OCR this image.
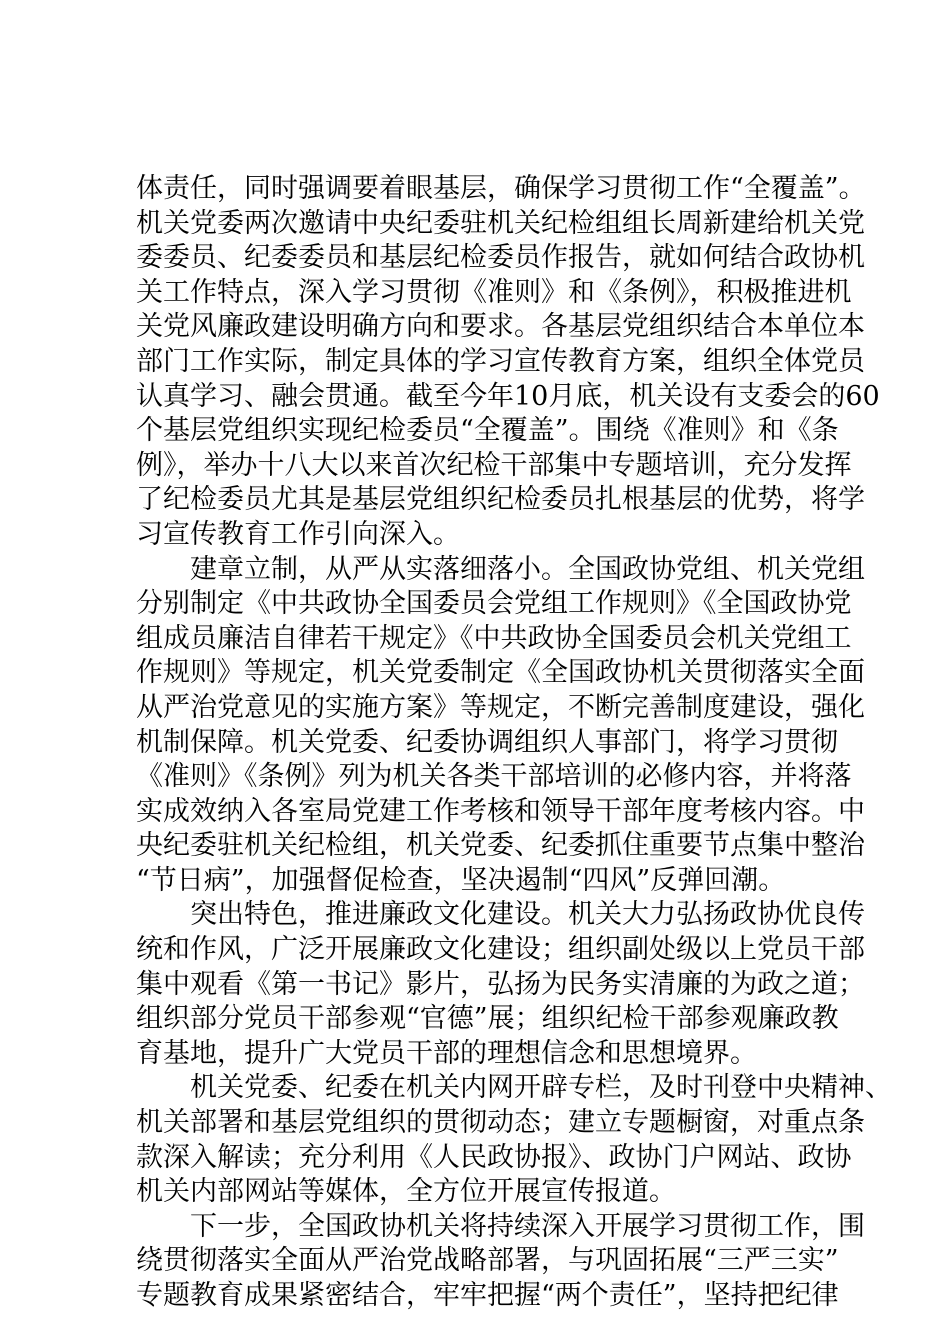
体责任，同时强调要着眼基层，确保学习贯彻工作“全覆盖”。
机关党委两次邀请中央纪委驻机关纪检组组长周新建给机关党
委委员、纪委委员和基层纪检委员作报告，就如何结合政协机
关工作特点，深入学习贯彻《准则》和《条例》，积极推进机
关党风廉政建设明确方向和要求。各基层党组织结合本单位本
部门工作实际，制定具体的学习宣传教育方案，组织全体党员
认真学习、融会贯通。截至今年10月底，机关设有支委会的60
个基层党组织实现纪检委员“全覆盖”。围绕《准则》和《条
例》，举办十八大以来首次纪检干部集中专题培训，充分发挥
了纪检委员尤其是基层党组织纪检委员扎根基层的优势，将学
习宣传教育工作引向深入。
建章立制，从严从实落细落小。全国政协党组、机关党组
分别制定《中共政协全国委员会党组工作规则》《全国政协党
组成员廉洁自律若干规定》《中共政协全国委员会机关党组工
作规则》等规定，机关党委制定《全国政协机关贯彻落实全面
从严治党意见的实施方案》等规定，不断完善制度建设，强化
机制保障。机关党委、纪委协调组织人事部门，将学习贯彻
《准则》《条例》列为机关各类干部培训的必修内容，并将落
实成效纳入各室局党建工作考核和领导干部年度考核内容。中
央纪委驻机关纪检组，机关党委、纪委抓住重要节点集中整治
“节日病”，加强督促检查，坚决遏制“四风”反弹回潮。
突出特色，推进廉政文化建设。机关大力弘扬政协优良传
统和作风，广泛开展廉政文化建设；组织副处级以上党员干部
集中观看《第一书记》影片，弘扬为民务实清廉的为政之道；
组织部分党员干部参观“官德”展；组织纪检干部参观廉政教
育基地，提升广大党员干部的理想信念和思想境界。
机关党委、纪委在机关内网开辟专栏，及时刊登中央精神、
机关部署和基层党组织的贯彻动态；建立专题橱窗，对重点条
款深入解读；充分利用《人民政协报》、政协门户网站、政协
机关内部网站等媒体，全方位开展宣传报道。
下一步，全国政协机关将持续深入开展学习贯彻工作，围
绕贯彻落实全面从严治党战略部署，与巩固拓展“三严三实”
专题教育成果紧密结合，牢牢把握“两个责任”，坚持把纪律
